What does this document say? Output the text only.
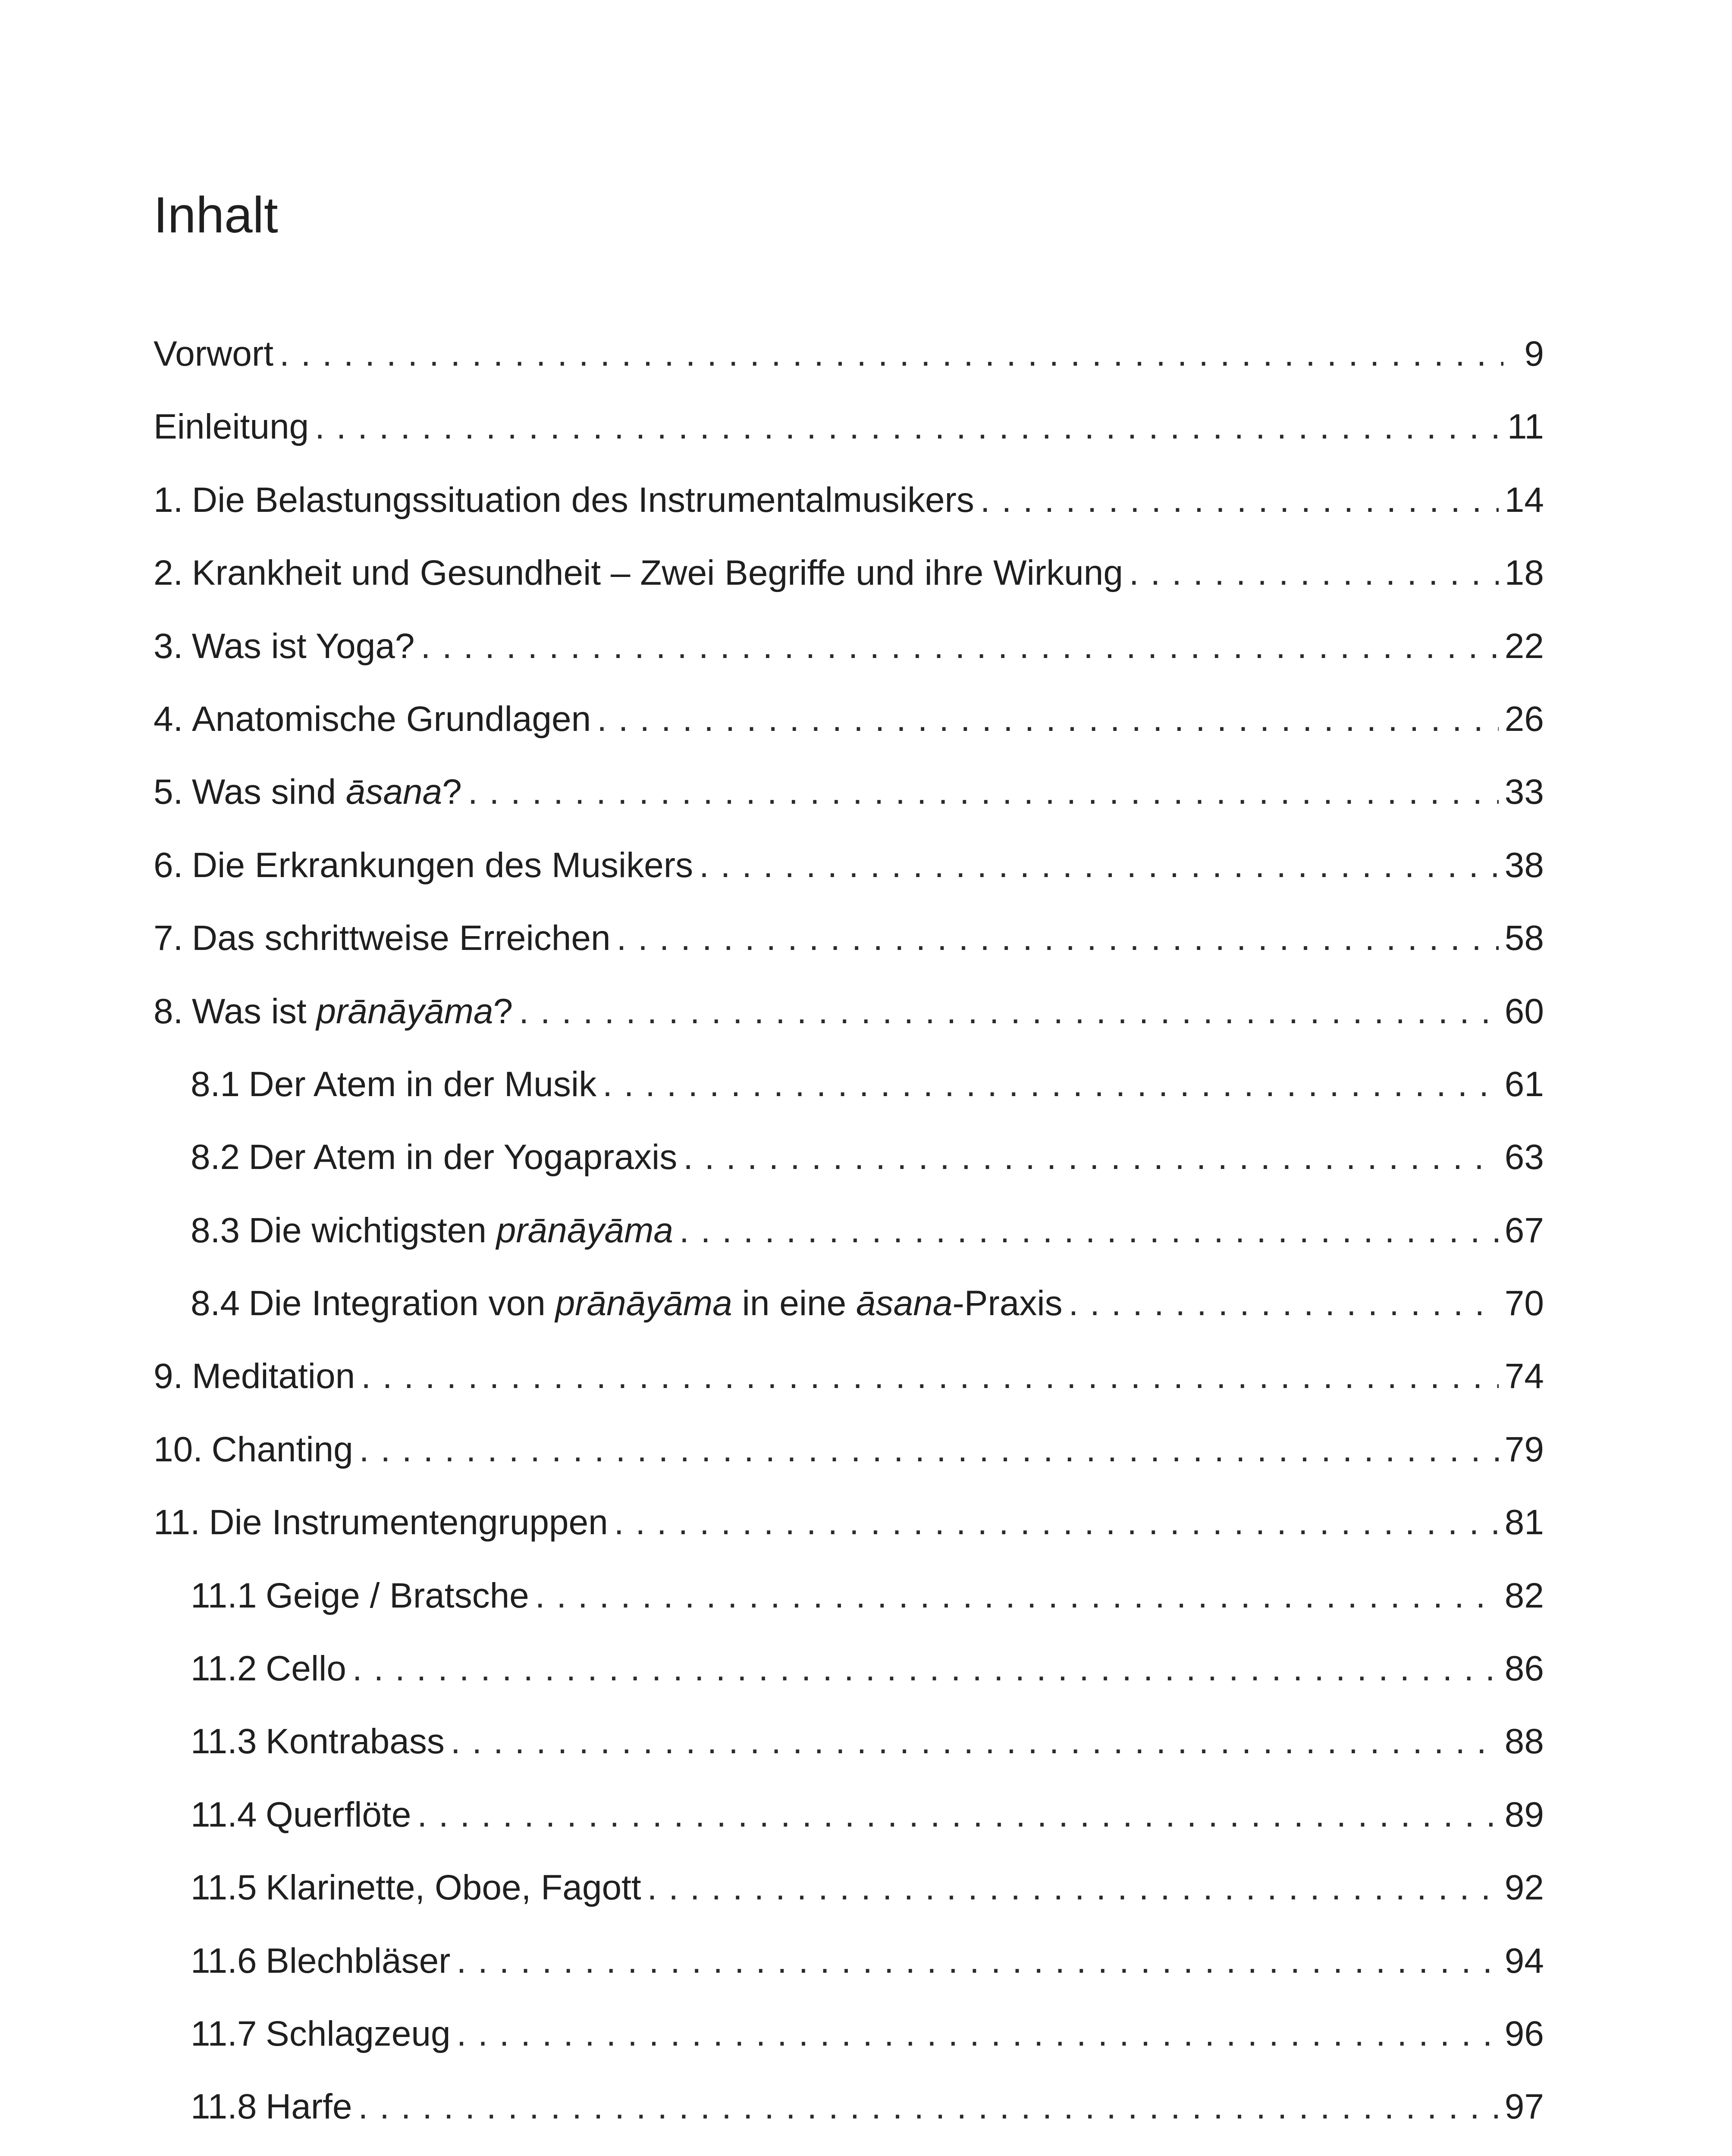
Inhalt
Vorwort . . .	9
Einleitung . . .	11
1. Die Belastungssituation des Instrumentalmusikers . . .	14
2. Krankheit und Gesundheit – Zwei Begriffe und ihre Wirkung . . .	18
3. Was ist Yoga? . . .	22
4. Anatomische Grundlagen . . .	26
5. Was sind āsana? . . .	33
6. Die Erkrankungen des Musikers . . .	38
7. Das schrittweise Erreichen . . .	58
8. Was ist prānāyāma? . . .	60
8.1 Der Atem in der Musik . . .	61
8.2 Der Atem in der Yogapraxis . . .	63
8.3 Die wichtigsten prānāyāma . . .	67
8.4 Die Integration von prānāyāma in eine āsana-Praxis . . .	70
9. Meditation . . .	74
10. Chanting . . .	79
11. Die Instrumentengruppen . . .	81
11.1 Geige / Bratsche . . .	82
11.2 Cello . . .	86
11.3 Kontrabass . . .	88
11.4 Querflöte . . .	89
11.5 Klarinette, Oboe, Fagott . . .	92
11.6 Blechbläser . . .	94
11.7 Schlagzeug . . .	96
11.8 Harfe . . .	97
